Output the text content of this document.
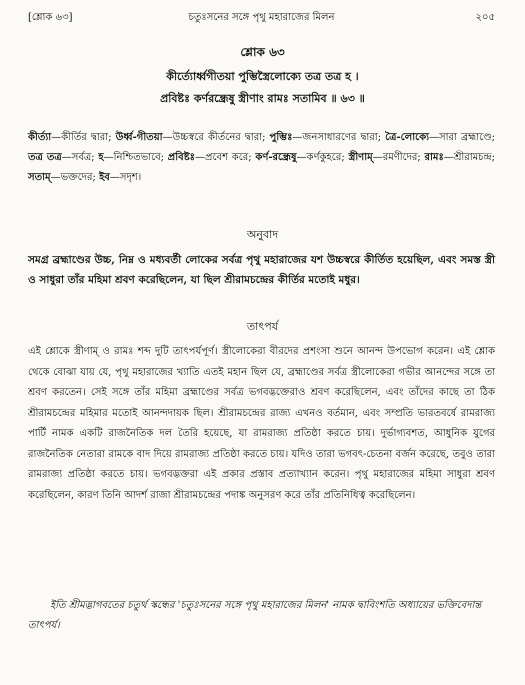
[শ্লোক ৬৩]	চতুঃসনের সঙ্গে পৃথু মহারাজের মিলন	২০৫
শ্লোক ৬৩
কীর্ত্যোর্ধ্বগীতয়া পুম্ভিস্ত্রৈলোক্যে তত্র তত্র হ ।
প্রবিষ্টঃ কর্ণরন্ধ্রেষু স্ত্রীণাং রামঃ সতামিব ॥ ৬৩ ॥
কীর্ত্যা—কীর্তির দ্বারা; উর্ধ্ব-গীতয়া—উচ্চস্বরে কীর্তনের দ্বারা; পুম্ভিঃ—জনসাধারণের দ্বারা; ত্রৈ-লোক্যে—সারা ব্রহ্মাণ্ডে; তত্র তত্র—সর্বত্র; হ—নিশ্চিতভাবে; প্রবিষ্টঃ—প্রবেশ করে; কর্ণ-রন্ধ্রেষু—কর্ণকুহরে; স্ত্রীণাম্—রমণীদের; রামঃ—শ্রীরামচন্দ্র; সতাম্—ভক্তদের; ইব—সদৃশ।
অনুবাদ
সমগ্র ব্রহ্মাণ্ডের উচ্চ, নিম্ন ও মধ্যবর্তী লোকের সর্বত্র পৃথু মহারাজের যশ উচ্চস্বরে কীর্তিত হয়েছিল, এবং সমস্ত স্ত্রী ও সাধুরা তাঁর মহিমা শ্রবণ করেছিলেন, যা ছিল শ্রীরামচন্দ্রের কীর্তির মতোই মধুর।
তাৎপর্য

এই শ্লোকে স্ত্রীণাম্ ও রামঃ শব্দ দুটি তাৎপর্যপূর্ণ। স্ত্রীলোকেরা বীরদের প্রশংসা শুনে আনন্দ উপভোগ করেন। এই শ্লোক থেকে বোঝা যায় যে, পৃথু মহারাজের খ্যাতি এতই মহান ছিল যে, ব্রহ্মাণ্ডের সর্বত্র স্ত্রীলোকেরা গভীর আনন্দের সঙ্গে তা শ্রবণ করতেন। সেই সঙ্গে তাঁর মহিমা ব্রহ্মাণ্ডের সর্বত্র ভগবদ্ভক্তেরাও শ্রবণ করেছিলেন, এবং তাঁদের কাছে তা ঠিক শ্রীরামচন্দ্রের মহিমার মতোই আনন্দদায়ক ছিল। শ্রীরামচন্দ্রের রাজ্য এখনও বর্তমান, এবং সম্প্রতি ভারতবর্ষে রামরাজ্য পার্টি নামক একটি রাজনৈতিক দল তৈরি হয়েছে, যা রামরাজ্য প্রতিষ্ঠা করতে চায়। দুর্ভাগ্যবশত, আধুনিক যুগের রাজনৈতিক নেতারা রামকে বাদ দিয়ে রামরাজ্য প্রতিষ্ঠা করতে চায়। যদিও তারা ভগবৎ-চেতনা বর্জন করেছে, তবুও তারা রামরাজ্য প্রতিষ্ঠা করতে চায়। ভগবদ্ভক্তরা এই প্রকার প্রস্তাব প্রত্যাখ্যান করেন। পৃথু মহারাজের মহিমা সাধুরা শ্রবণ করেছিলেন, কারণ তিনি আদর্শ রাজা শ্রীরামচন্দ্রের পদাঙ্ক অনুসরণ করে তাঁর প্রতিনিধিত্ব করেছিলেন।

ইতি শ্রীমদ্ভাগবতের চতুর্থ স্কন্ধের 'চতুঃসনের সঙ্গে পৃথু মহারাজের মিলন' নামক দ্বাবিংশতি অধ্যায়ের ভক্তিবেদান্ত তাৎপর্য।
